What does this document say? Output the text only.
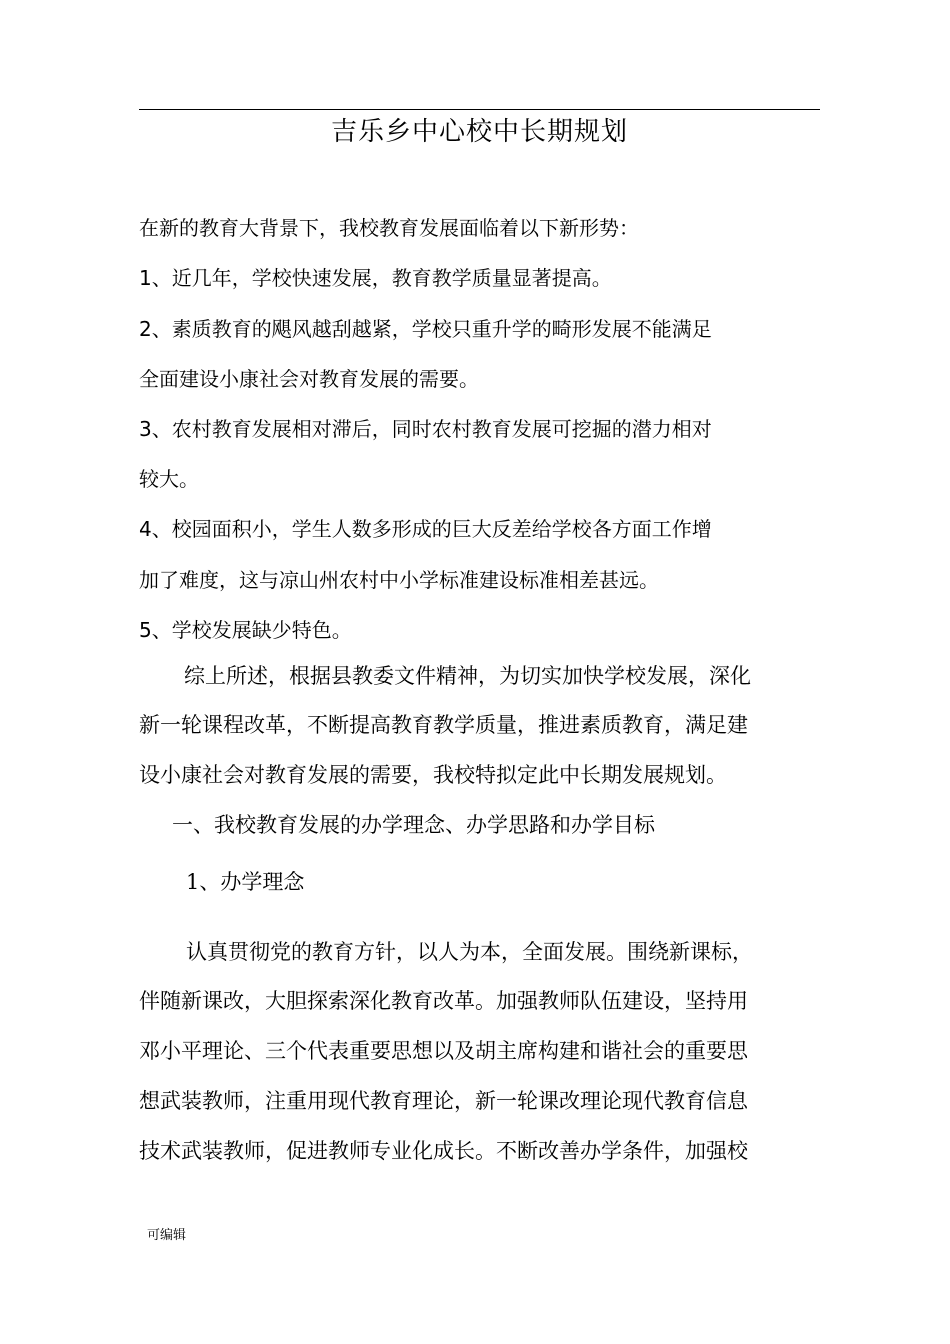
吉乐乡中心校中长期规划
在新的教育大背景下，我校教育发展面临着以下新形势：
1、近几年，学校快速发展，教育教学质量显著提高。
2、素质教育的飓风越刮越紧，学校只重升学的畸形发展不能满足
全面建设小康社会对教育发展的需要。
3、农村教育发展相对滞后，同时农村教育发展可挖掘的潜力相对
较大。
4、校园面积小，学生人数多形成的巨大反差给学校各方面工作增
加了难度，这与凉山州农村中小学标准建设标准相差甚远。
5、学校发展缺少特色。
综上所述，根据县教委文件精神，为切实加快学校发展，深化
新一轮课程改革，不断提高教育教学质量，推进素质教育，满足建
设小康社会对教育发展的需要，我校特拟定此中长期发展规划。
一、我校教育发展的办学理念、办学思路和办学目标
1、办学理念
认真贯彻党的教育方针，以人为本，全面发展。围绕新课标，
伴随新课改，大胆探索深化教育改革。加强教师队伍建设，坚持用
邓小平理论、三个代表重要思想以及胡主席构建和谐社会的重要思
想武装教师，注重用现代教育理论，新一轮课改理论现代教育信息
技术武装教师，促进教师专业化成长。不断改善办学条件，加强校
可编辑
